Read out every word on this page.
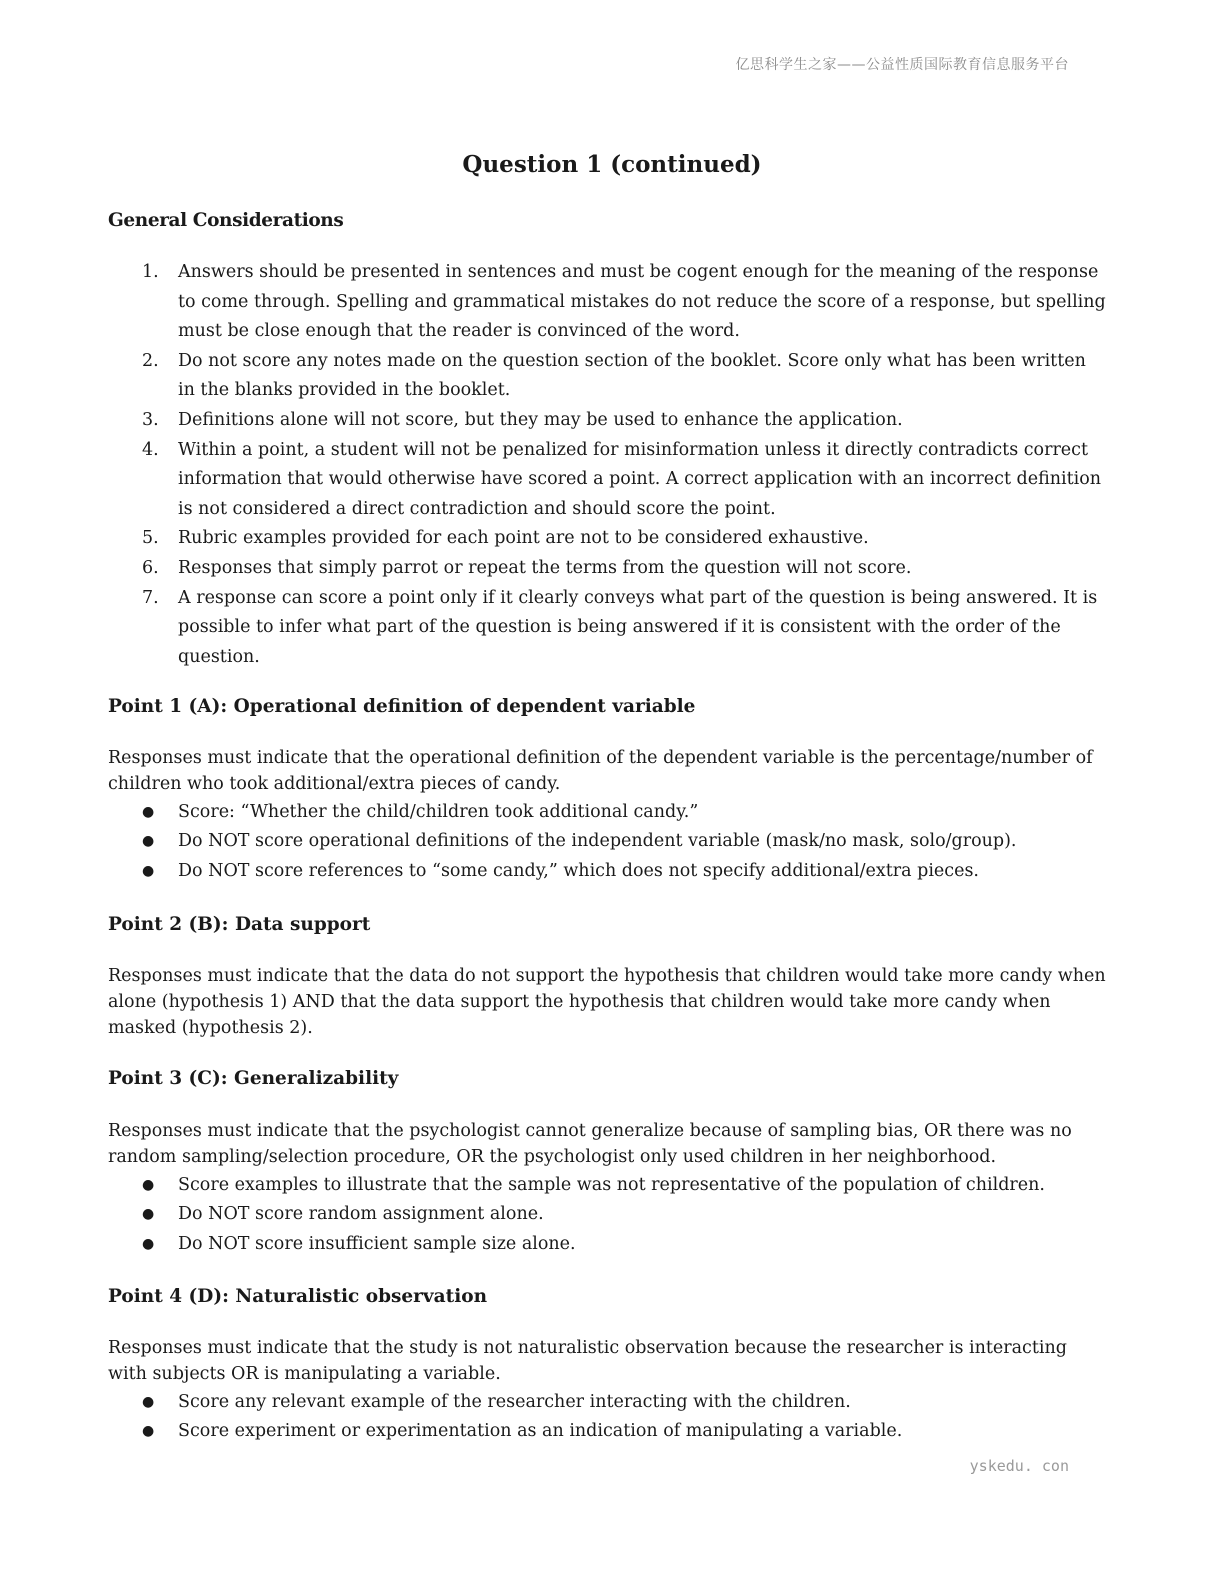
亿思科学生之家——公益性质国际教育信息服务平台
Question 1 (continued)
General Considerations
1.	Answers should be presented in sentences and must be cogent enough for the meaning of the response to come through. Spelling and grammatical mistakes do not reduce the score of a response, but spelling must be close enough that the reader is convinced of the word.
2.	Do not score any notes made on the question section of the booklet. Score only what has been written in the blanks provided in the booklet.
3.	Definitions alone will not score, but they may be used to enhance the application.
4.	Within a point, a student will not be penalized for misinformation unless it directly contradicts correct information that would otherwise have scored a point. A correct application with an incorrect definition is not considered a direct contradiction and should score the point.
5.	Rubric examples provided for each point are not to be considered exhaustive.
6.	Responses that simply parrot or repeat the terms from the question will not score.
7.	A response can score a point only if it clearly conveys what part of the question is being answered. It is possible to infer what part of the question is being answered if it is consistent with the order of the question.
Point 1 (A): Operational definition of dependent variable

Responses must indicate that the operational definition of the dependent variable is the percentage/number of children who took additional/extra pieces of candy.

● Score: “Whether the child/children took additional candy.”
● Do NOT score operational definitions of the independent variable (mask/no mask, solo/group).
● Do NOT score references to “some candy,” which does not specify additional/extra pieces.
Point 2 (B): Data support

Responses must indicate that the data do not support the hypothesis that children would take more candy when alone (hypothesis 1) AND that the data support the hypothesis that children would take more candy when masked (hypothesis 2).

Point 3 (C): Generalizability

Responses must indicate that the psychologist cannot generalize because of sampling bias, OR there was no random sampling/selection procedure, OR the psychologist only used children in her neighborhood.

● Score examples to illustrate that the sample was not representative of the population of children.
● Do NOT score random assignment alone.
● Do NOT score insufficient sample size alone.
Point 4 (D): Naturalistic observation

Responses must indicate that the study is not naturalistic observation because the researcher is interacting with subjects OR is manipulating a variable.

● Score any relevant example of the researcher interacting with the children.
● Score experiment or experimentation as an indication of manipulating a variable.
yskedu. con
